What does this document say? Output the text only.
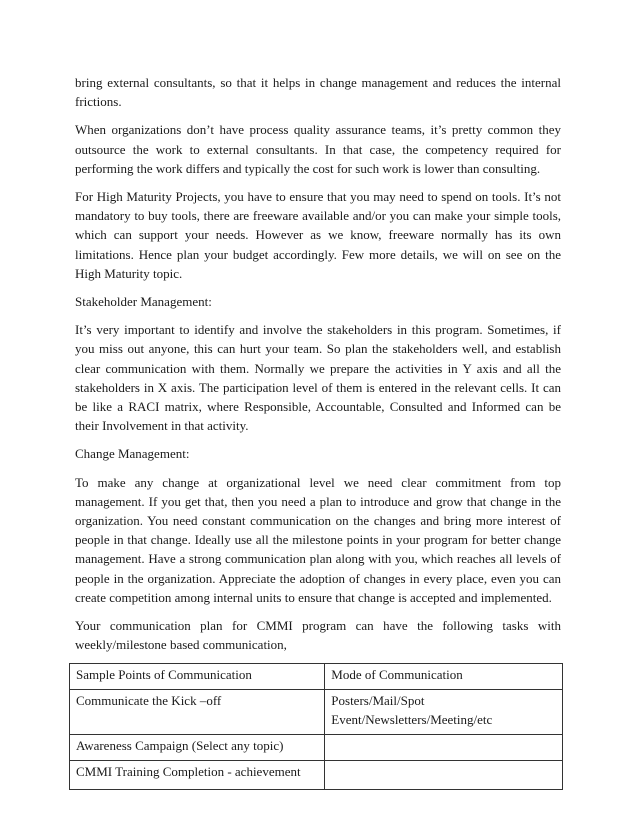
bring external consultants, so that it helps in change management and reduces the internal frictions.

When organizations don’t have process quality assurance teams, it’s pretty common they outsource the work to external consultants. In that case, the competency required for performing the work differs and typically the cost for such work is lower than consulting.

For High Maturity Projects, you have to ensure that you may need to spend on tools. It’s not mandatory to buy tools, there are freeware available and/or you can make your simple tools, which can support your needs. However as we know, freeware normally has its own limitations. Hence plan your budget accordingly. Few more details, we will on see on the High Maturity topic.

Stakeholder Management:

It’s very important to identify and involve the stakeholders in this program. Sometimes, if you miss out anyone, this can hurt your team. So plan the stakeholders well, and establish clear communication with them. Normally we prepare the activities in Y axis and all the stakeholders in X axis. The participation level of them is entered in the relevant cells. It can be like a RACI matrix, where Responsible, Accountable, Consulted and Informed can be their Involvement in that activity.

Change Management:

To make any change at organizational level we need clear commitment from top management. If you get that, then you need a plan to introduce and grow that change in the organization. You need constant communication on the changes and bring more interest of people in that change. Ideally use all the milestone points in your program for better change management. Have a strong communication plan along with you, which reaches all levels of people in the organization. Appreciate the adoption of changes in every place, even you can create competition among internal units to ensure that change is accepted and implemented.

Your communication plan for CMMI program can have the following tasks with weekly/milestone based communication,

Sample Points of Communication	Mode of Communication
Communicate the Kick –off	Posters/Mail/Spot Event/Newsletters/Meeting/etc
Awareness Campaign (Select any topic)	
CMMI Training Completion - achievement	
